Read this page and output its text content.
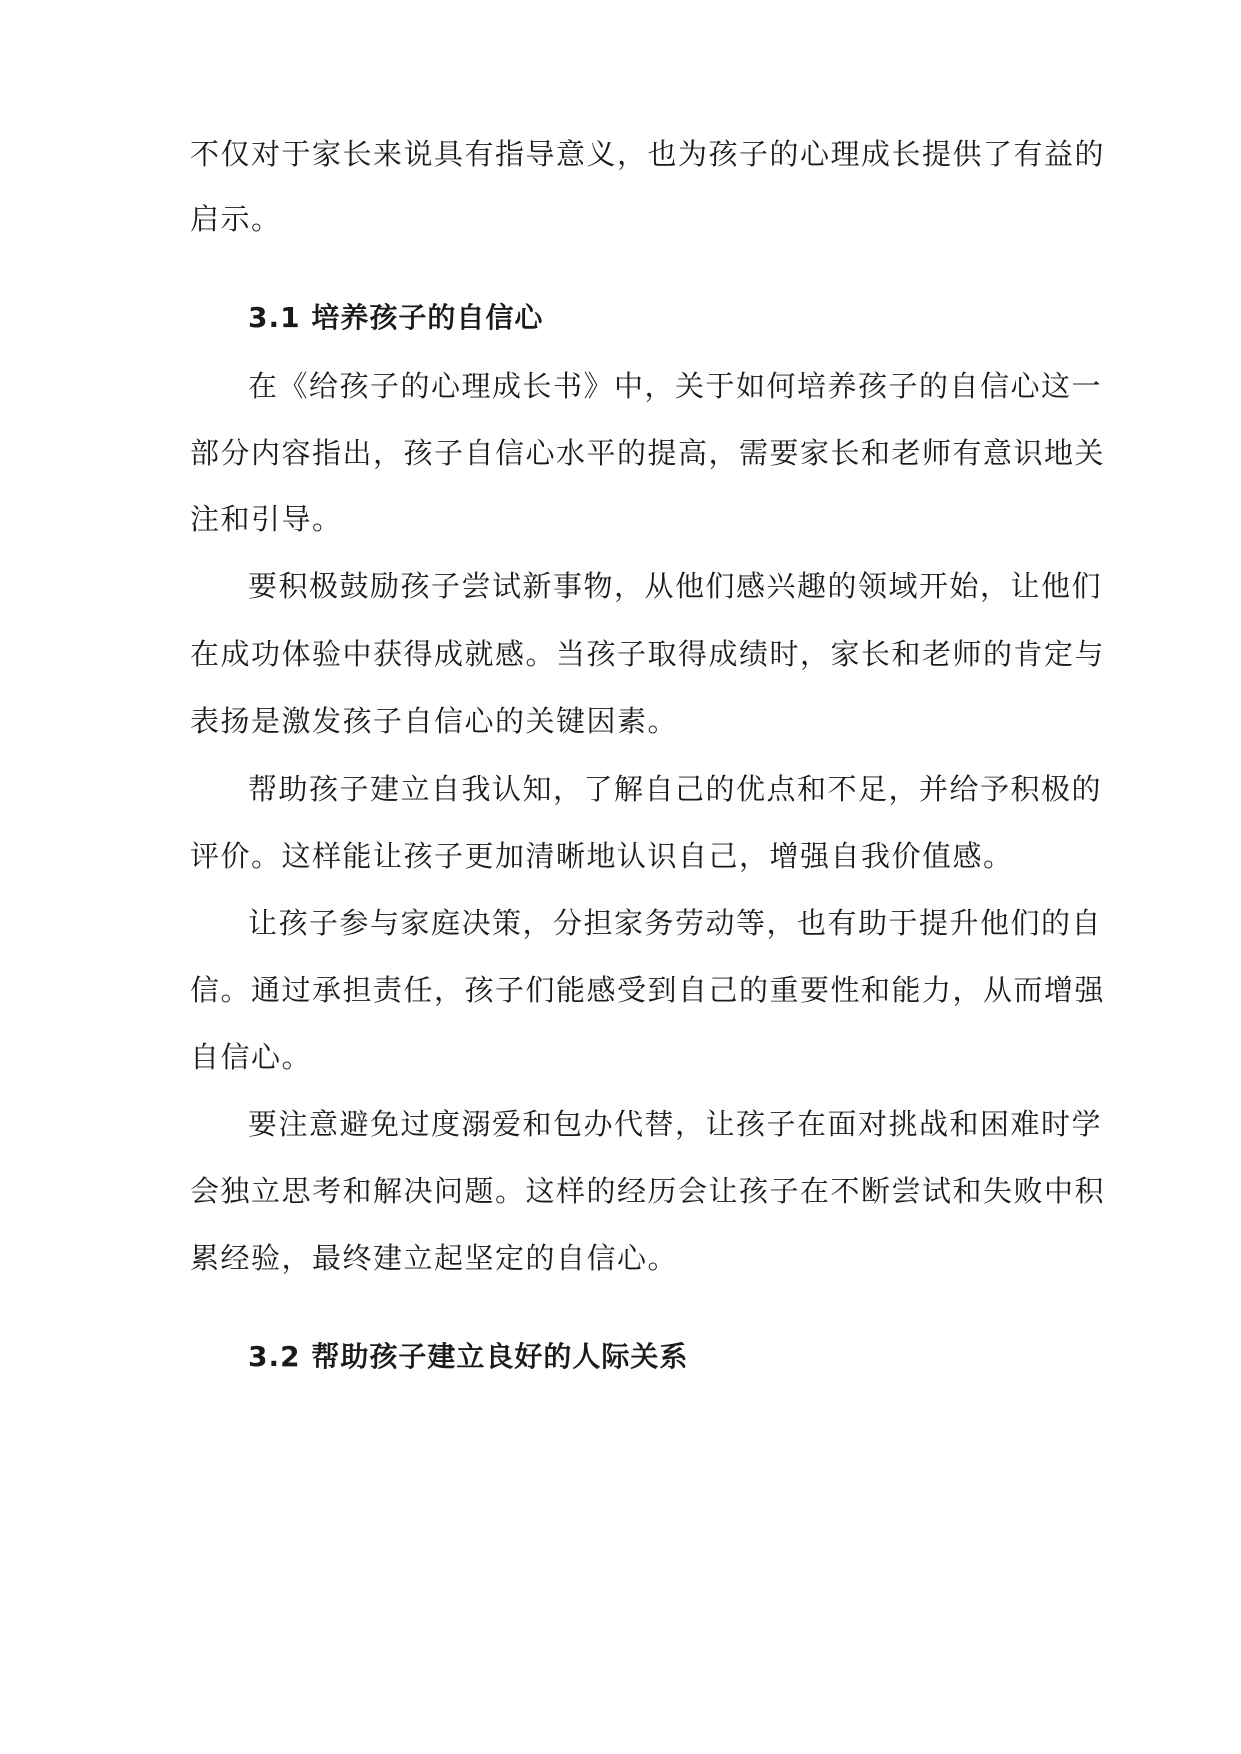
不仅对于家长来说具有指导意义，也为孩子的心理成长提供了有益的
启示。
3.1 培养孩子的自信心
在《给孩子的心理成长书》中，关于如何培养孩子的自信心这一
部分内容指出，孩子自信心水平的提高，需要家长和老师有意识地关
注和引导。
要积极鼓励孩子尝试新事物，从他们感兴趣的领域开始，让他们
在成功体验中获得成就感。当孩子取得成绩时，家长和老师的肯定与
表扬是激发孩子自信心的关键因素。
帮助孩子建立自我认知，了解自己的优点和不足，并给予积极的
评价。这样能让孩子更加清晰地认识自己，增强自我价值感。
让孩子参与家庭决策，分担家务劳动等，也有助于提升他们的自
信。通过承担责任，孩子们能感受到自己的重要性和能力，从而增强
自信心。
要注意避免过度溺爱和包办代替，让孩子在面对挑战和困难时学
会独立思考和解决问题。这样的经历会让孩子在不断尝试和失败中积
累经验，最终建立起坚定的自信心。
3.2 帮助孩子建立良好的人际关系
